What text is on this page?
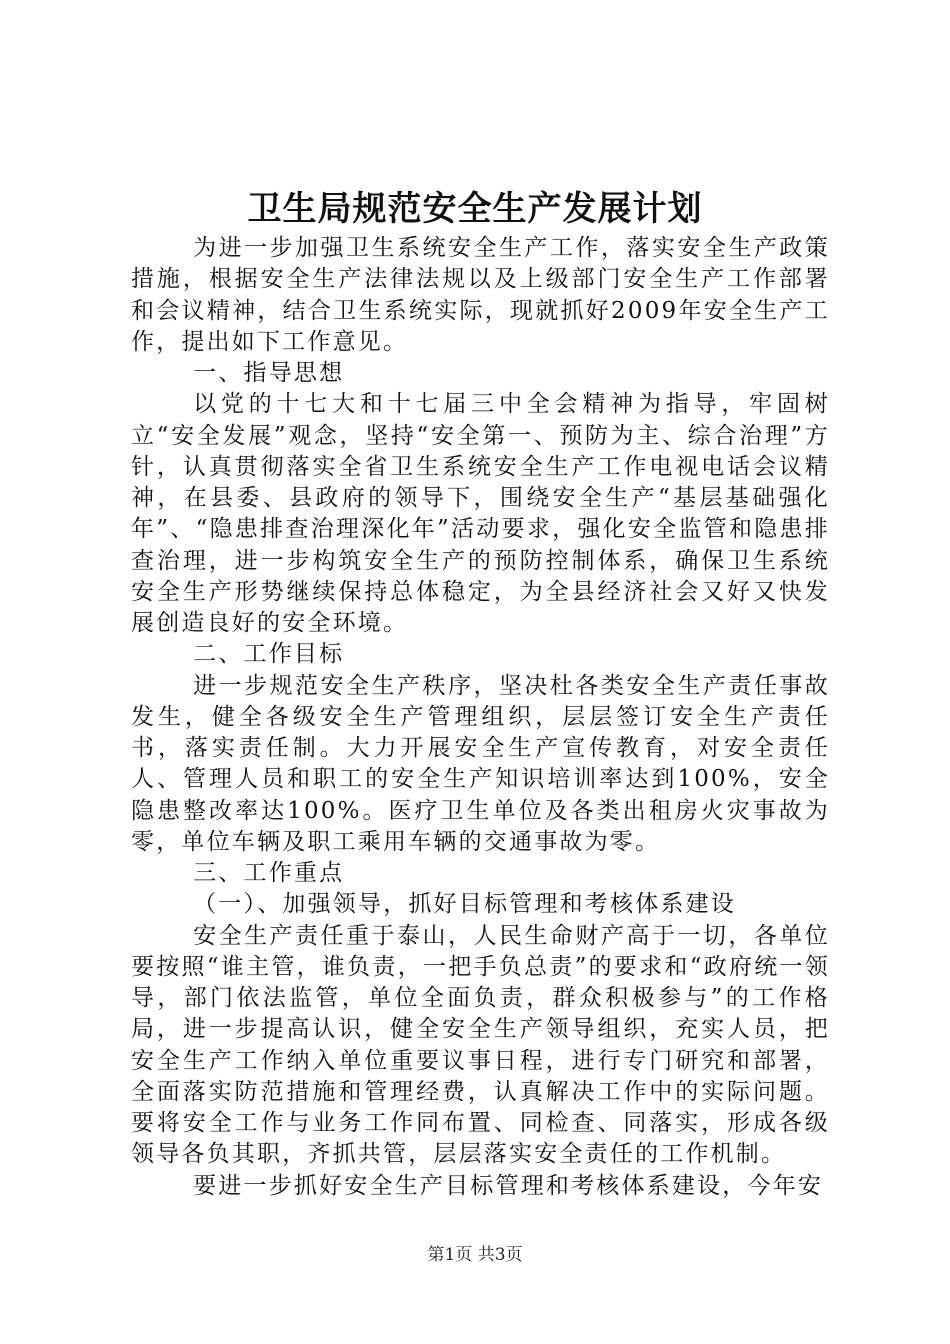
卫生局规范安全生产发展计划

为进一步加强卫生系统安全生产工作，落实安全生产政策措施，根据安全生产法律法规以及上级部门安全生产工作部署和会议精神，结合卫生系统实际，现就抓好2009年安全生产工作，提出如下工作意见。

一、指导思想

以党的十七大和十七届三中全会精神为指导，牢固树立“安全发展”观念，坚持“安全第一、预防为主、综合治理”方针，认真贯彻落实全省卫生系统安全生产工作电视电话会议精神，在县委、县政府的领导下，围绕安全生产“基层基础强化年”、“隐患排查治理深化年”活动要求，强化安全监管和隐患排查治理，进一步构筑安全生产的预防控制体系，确保卫生系统安全生产形势继续保持总体稳定，为全县经济社会又好又快发展创造良好的安全环境。

二、工作目标

进一步规范安全生产秩序，坚决杜各类安全生产责任事故发生，健全各级安全生产管理组织，层层签订安全生产责任书，落实责任制。大力开展安全生产宣传教育，对安全责任人、管理人员和职工的安全生产知识培训率达到100%，安全隐患整改率达100%。医疗卫生单位及各类出租房火灾事故为零，单位车辆及职工乘用车辆的交通事故为零。

三、工作重点

（一）、加强领导，抓好目标管理和考核体系建设

安全生产责任重于泰山，人民生命财产高于一切，各单位要按照“谁主管，谁负责，一把手负总责”的要求和“政府统一领导，部门依法监管，单位全面负责，群众积极参与”的工作格局，进一步提高认识，健全安全生产领导组织，充实人员，把安全生产工作纳入单位重要议事日程，进行专门研究和部署，全面落实防范措施和管理经费，认真解决工作中的实际问题。要将安全工作与业务工作同布置、同检查、同落实，形成各级领导各负其职，齐抓共管，层层落实安全责任的工作机制。

要进一步抓好安全生产目标管理和考核体系建设，今年安

第1页 共3页
